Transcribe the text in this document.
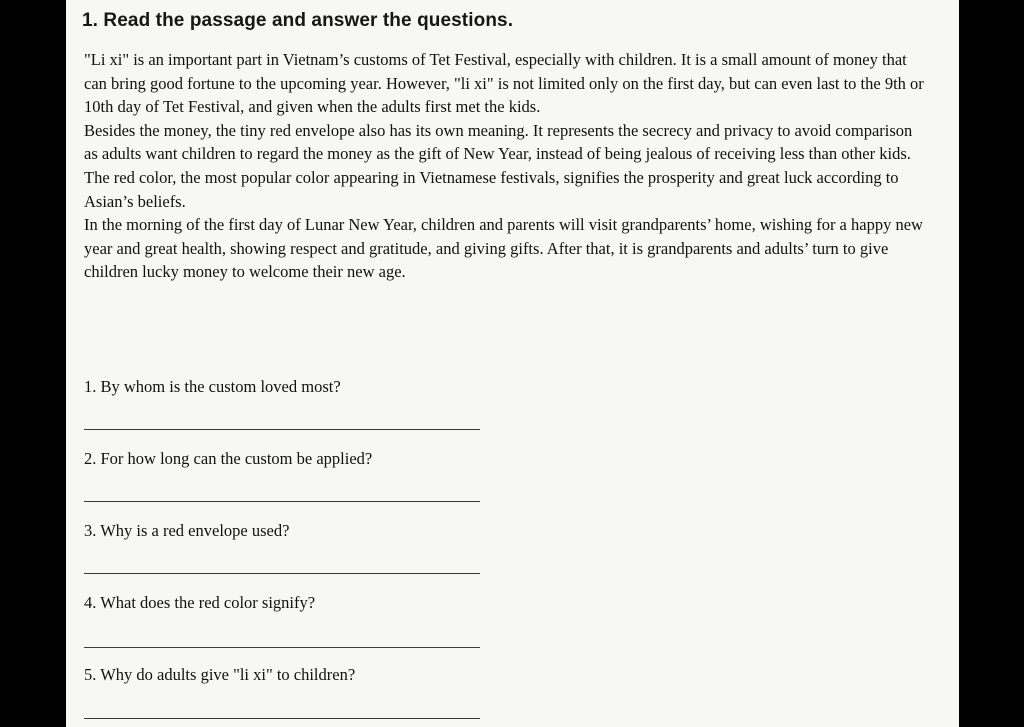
1. Read the passage and answer the questions.

"Li xi" is an important part in Vietnam’s customs of Tet Festival, especially with children. It is a small amount of money that can bring good fortune to the upcoming year. However, "li xi" is not limited only on the first day, but can even last to the 9th or 10th day of Tet Festival, and given when the adults first met the kids.

Besides the money, the tiny red envelope also has its own meaning. It represents the secrecy and privacy to avoid comparison as adults want children to regard the money as the gift of New Year, instead of being jealous of receiving less than other kids. The red color, the most popular color appearing in Vietnamese festivals, signifies the prosperity and great luck according to Asian’s beliefs.

In the morning of the first day of Lunar New Year, children and parents will visit grandparents’ home, wishing for a happy new year and great health, showing respect and gratitude, and giving gifts. After that, it is grandparents and adults’ turn to give children lucky money to welcome their new age.

1. By whom is the custom loved most?

2. For how long can the custom be applied?

3. Why is a red envelope used?

4. What does the red color signify?

5. Why do adults give "li xi" to children?
